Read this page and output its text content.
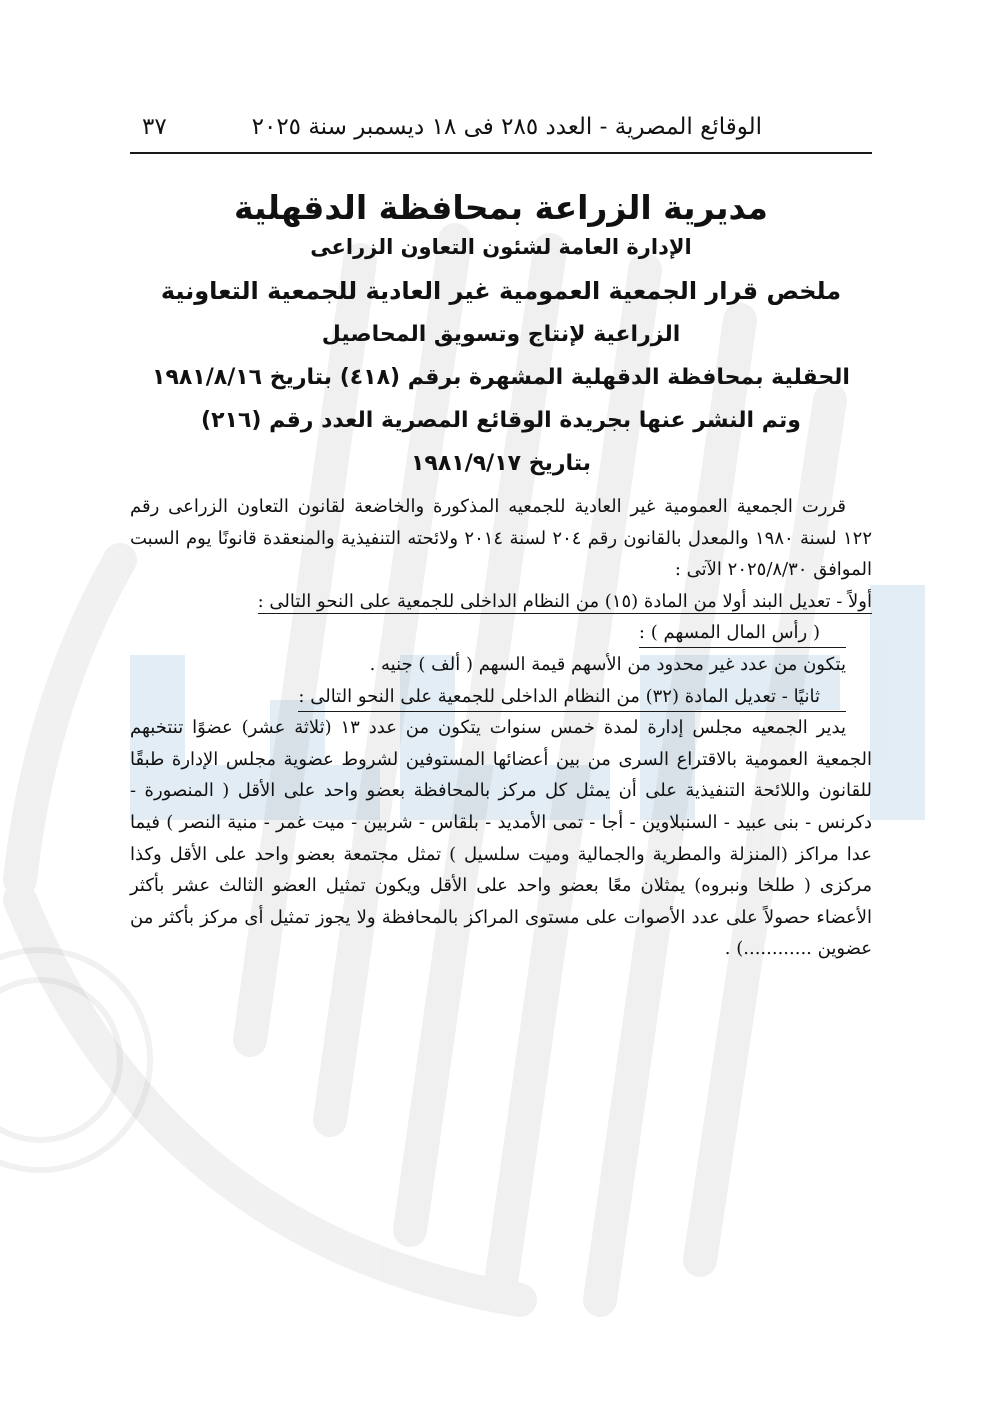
الوقائع المصرية - العدد ٢٨٥ فى ١٨ ديسمبر سنة ٢٠٢٥
٣٧
مديرية الزراعة بمحافظة الدقهلية
الإدارة العامة لشئون التعاون الزراعى
ملخص قرار الجمعية العمومية غير العادية للجمعية التعاونية
الزراعية لإنتاج وتسويق المحاصيل
الحقلية بمحافظة الدقهلية المشهرة برقم (٤١٨) بتاريخ ١٩٨١/٨/١٦
وتم النشر عنها بجريدة الوقائع المصرية العدد رقم (٢١٦)
بتاريخ ١٩٨١/٩/١٧
قررت الجمعية العمومية غير العادية للجمعيه المذكورة والخاضعة لقانون التعاون الزراعى رقم ١٢٢ لسنة ١٩٨٠ والمعدل بالقانون رقم ٢٠٤ لسنة ٢٠١٤ ولائحته التنفيذية والمنعقدة قانونًا يوم السبت الموافق ٢٠٢٥/٨/٣٠ الآتى :
أولاً - تعديل البند أولا من المادة (١٥) من النظام الداخلى للجمعية على النحو التالى :
( رأس المال المسهم ) :
يتكون من عدد غير محدود من الأسهم قيمة السهم ( ألف ) جنيه .
ثانيًا - تعديل المادة (٣٢) من النظام الداخلى للجمعية على النحو التالى :
يدير الجمعيه مجلس إدارة لمدة خمس سنوات يتكون من عدد ١٣ (ثلاثة عشر) عضوًا تنتخبهم الجمعية العمومية بالاقتراع السرى من بين أعضائها المستوفين لشروط عضوية مجلس الإدارة طبقًا للقانون واللائحة التنفيذية على أن يمثل كل مركز بالمحافظة بعضو واحد على الأقل ( المنصورة - دكرنس - بنى عبيد - السنبلاوين - أجا - تمى الأمديد - بلقاس - شربين - ميت غمر - منية النصر ) فيما عدا مراكز (المنزلة والمطرية والجمالية وميت سلسيل ) تمثل مجتمعة بعضو واحد على الأقل وكذا مركزى ( طلخا ونبروه) يمثلان معًا بعضو واحد على الأقل ويكون تمثيل العضو الثالث عشر بأكثر الأعضاء حصولاً على عدد الأصوات على مستوى المراكز بالمحافظة ولا يجوز تمثيل أى مركز بأكثر من عضوين ............) .
